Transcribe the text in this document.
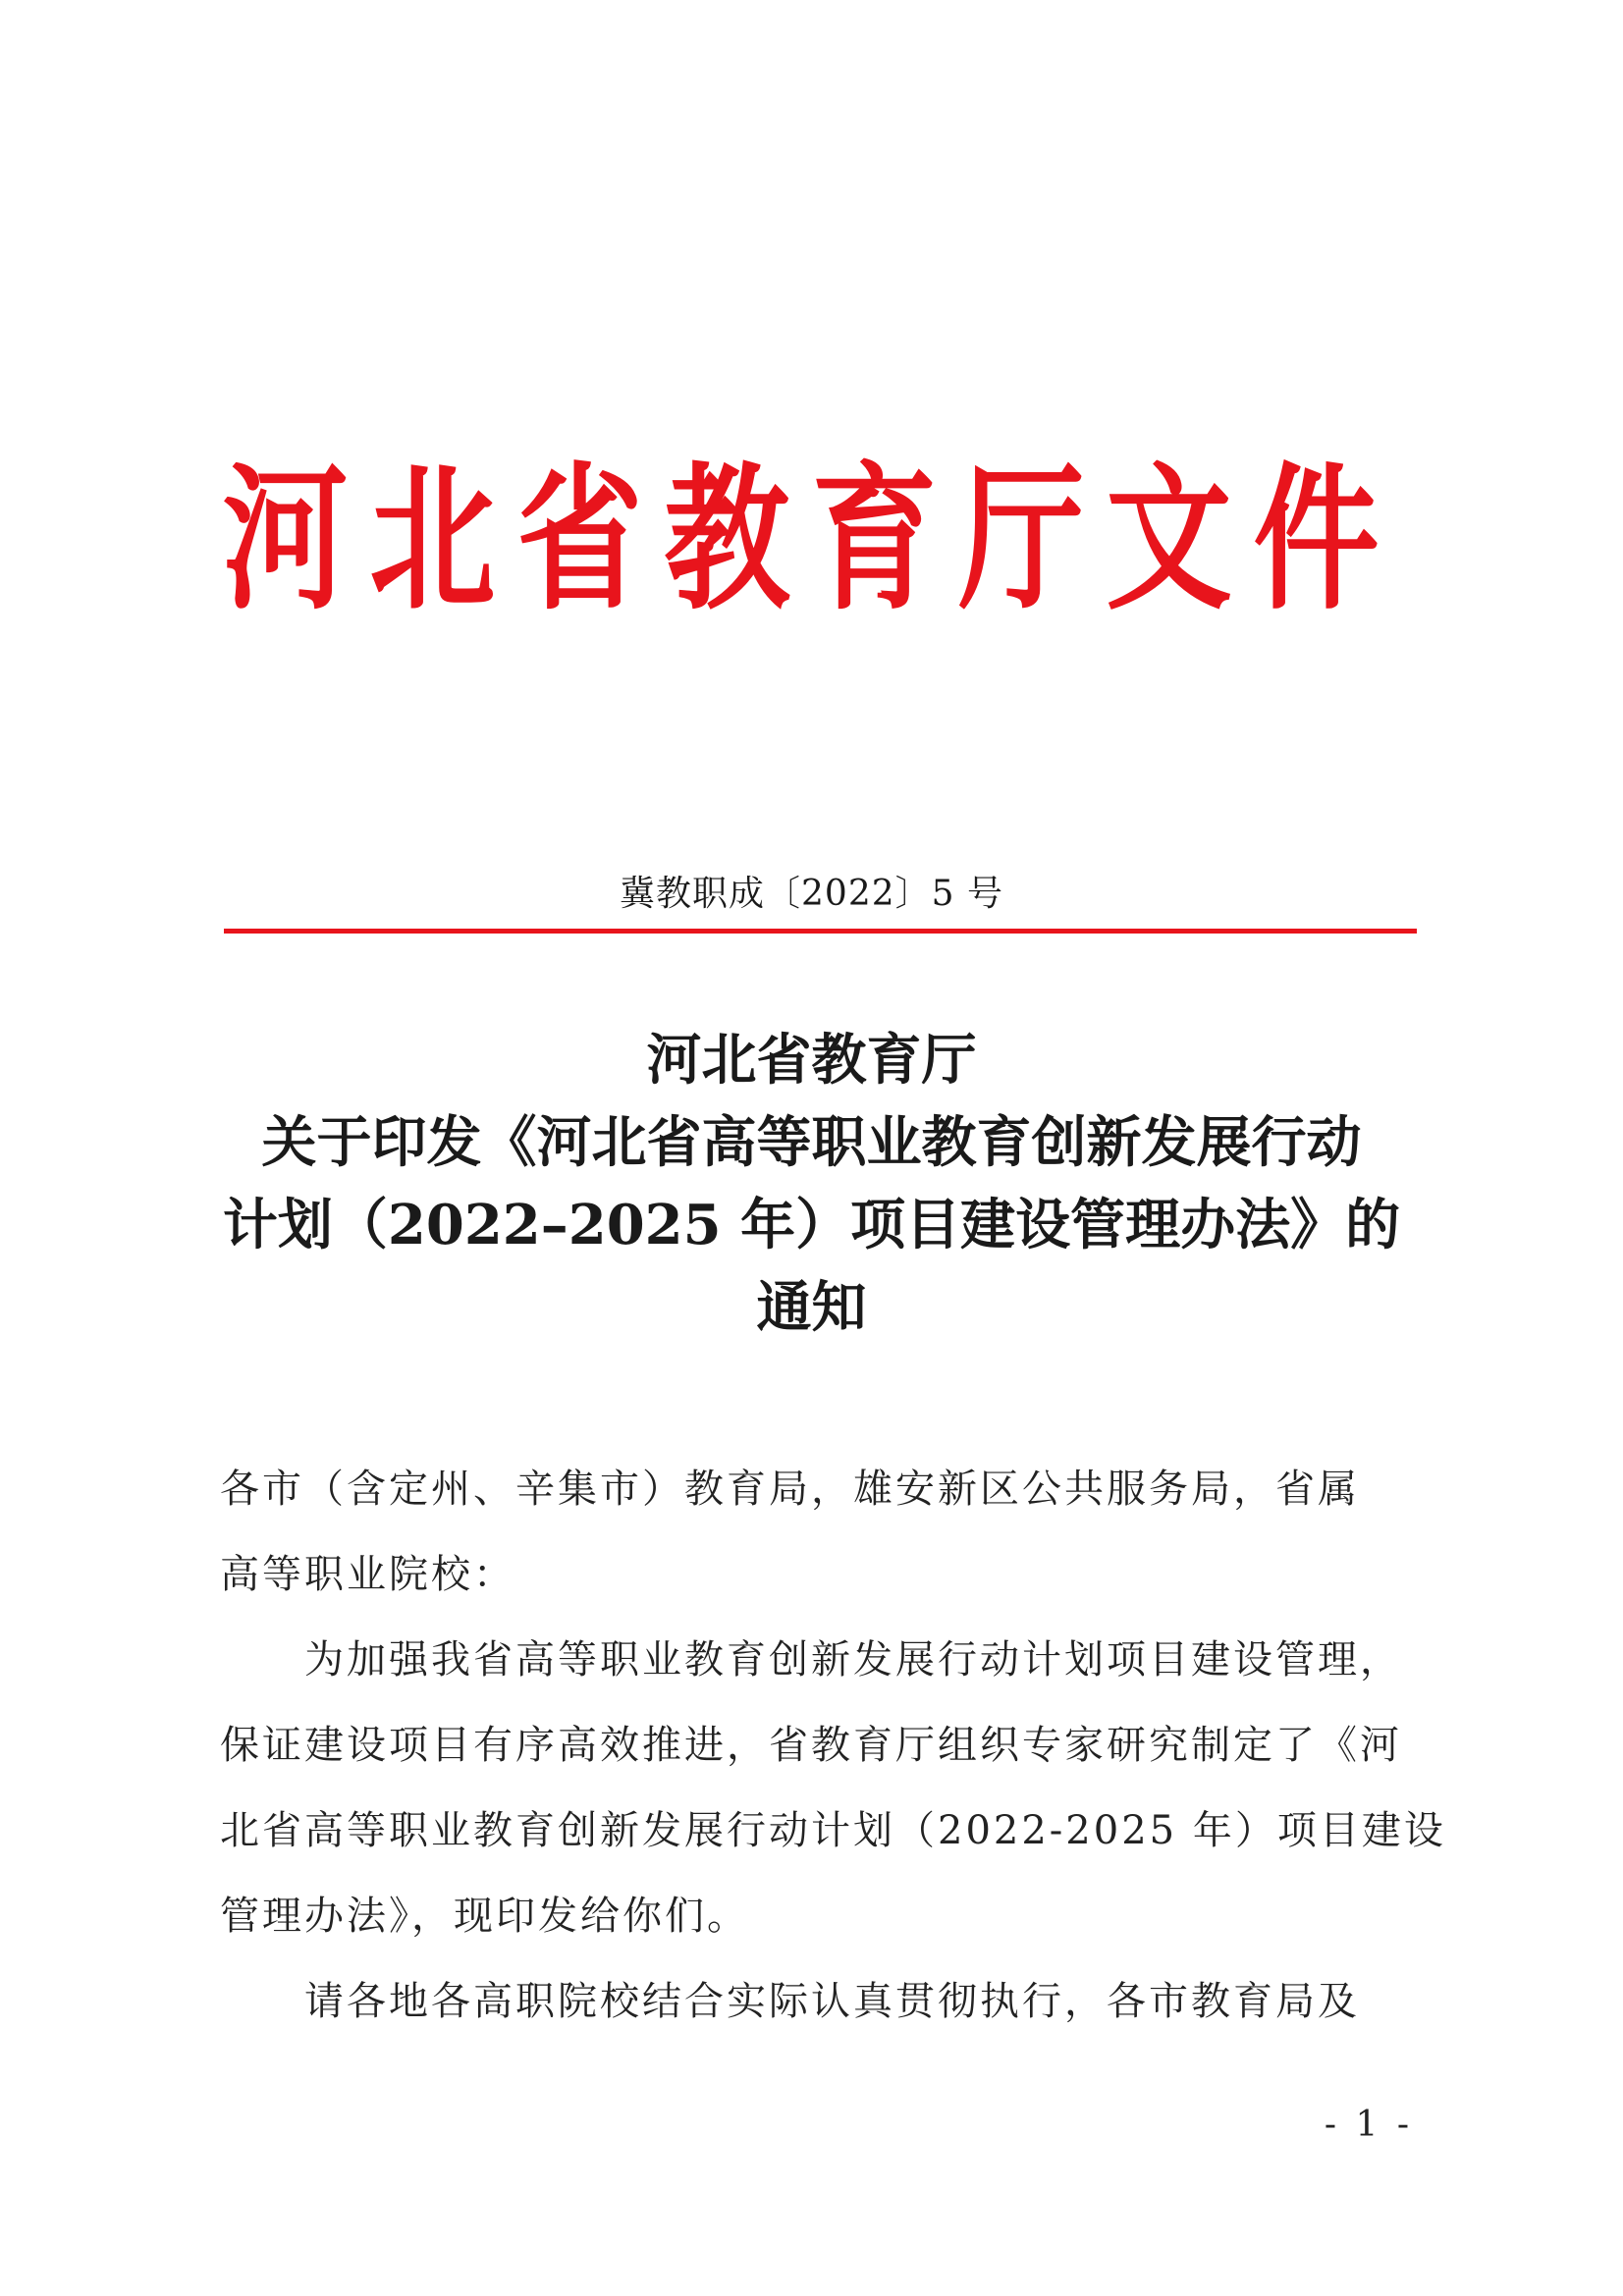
河北省教育厅文件
冀教职成〔2022〕5 号
河北省教育厅
关于印发《河北省高等职业教育创新发展行动
计划（2022–2025 年）项目建设管理办法》的
通知
各市（含定州、辛集市）教育局，雄安新区公共服务局，省属
高等职业院校：
　　为加强我省高等职业教育创新发展行动计划项目建设管理，
保证建设项目有序高效推进，省教育厅组织专家研究制定了《河
北省高等职业教育创新发展行动计划（2022-2025 年）项目建设
管理办法》，现印发给你们。
　　请各地各高职院校结合实际认真贯彻执行，各市教育局及
- 1 -
